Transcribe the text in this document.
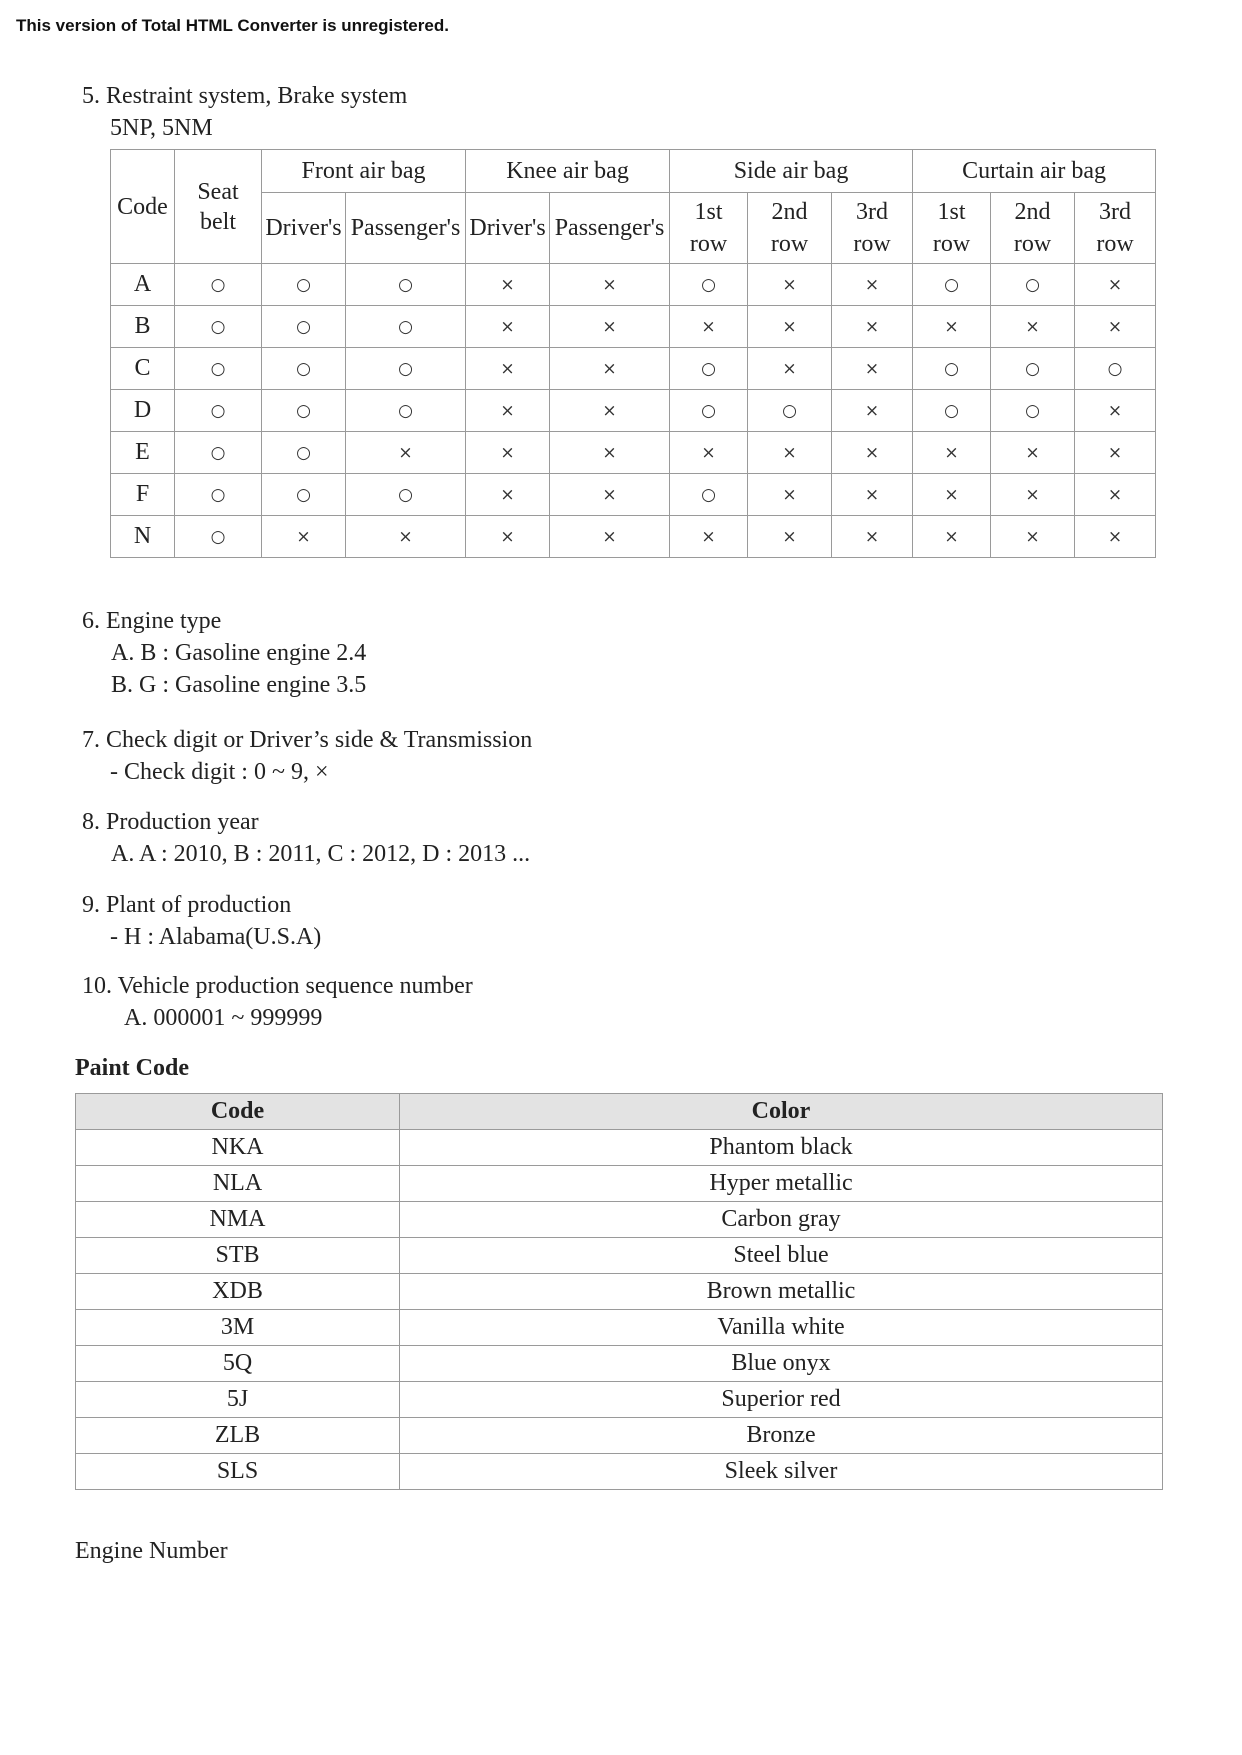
This version of Total HTML Converter is unregistered.
5. Restraint system, Brake system
5NP, 5NM
Code	Seat belt	Front air bag		Knee air bag		Side air bag			Curtain air bag		
		Driver's	Passenger's	Driver's	Passenger's	1st row	2nd row	3rd row	1st row	2nd row	3rd row
A	○	○	○	×	×	○	×	×	○	○	×
B	○	○	○	×	×	×	×	×	×	×	×
C	○	○	○	×	×	○	×	×	○	○	○
D	○	○	○	×	×	○	○	×	○	○	×
E	○	○	×	×	×	×	×	×	×	×	×
F	○	○	○	×	×	○	×	×	×	×	×
N	○	×	×	×	×	×	×	×	×	×	×
6. Engine type
A. B : Gasoline engine 2.4
B. G : Gasoline engine 3.5
7. Check digit or Driver’s side & Transmission
- Check digit : 0 ~ 9, ×
8. Production year
A. A : 2010, B : 2011, C : 2012, D : 2013 ...
9. Plant of production
- H : Alabama(U.S.A)
10. Vehicle production sequence number
A. 000001 ~ 999999
Paint Code
Code	Color
NKA	Phantom black
NLA	Hyper metallic
NMA	Carbon gray
STB	Steel blue
XDB	Brown metallic
3M	Vanilla white
5Q	Blue onyx
5J	Superior red
ZLB	Bronze
SLS	Sleek silver
Engine Number
